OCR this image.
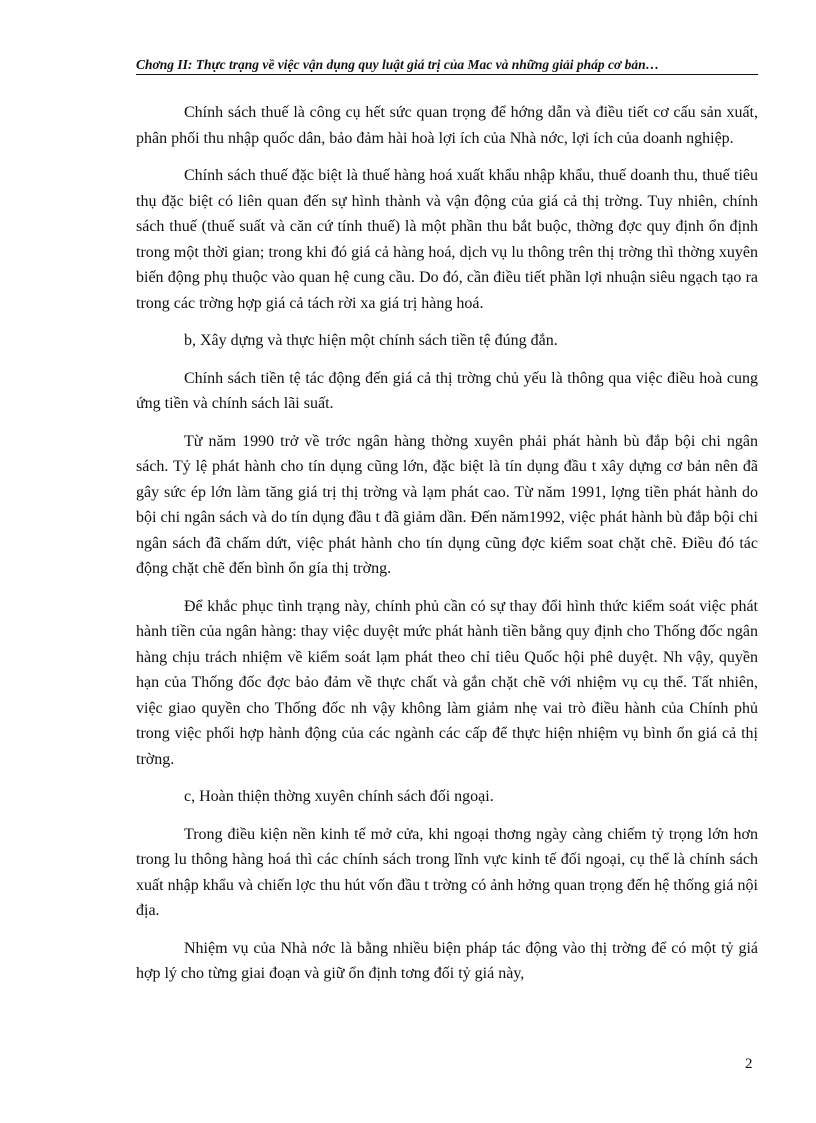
Chơng II: Thực trạng về việc vận dụng quy luật giá trị của Mac và những giải pháp cơ bản…

Chính sách thuế là công cụ hết sức quan trọng để hớng dẫn và điều tiết cơ cấu sản xuất, phân phối thu nhập quốc dân, bảo đảm hài hoà lợi ích của Nhà nớc, lợi ích của doanh nghiệp.

Chính sách thuế đặc biệt là thuế hàng hoá xuất khẩu nhập khẩu, thuế doanh thu, thuế tiêu thụ đặc biệt có liên quan đến sự hình thành và vận động của giá cả thị trờng. Tuy nhiên, chính sách thuế (thuế suất và căn cứ tính thuế) là một phần thu bắt buộc, thờng đợc quy định ổn định trong một thời gian; trong khi đó giá cả hàng hoá, dịch vụ lu thông trên thị trờng thì thờng xuyên biến động phụ thuộc vào quan hệ cung cầu. Do đó, cần điều tiết phần lợi nhuận siêu ngạch tạo ra trong các trờng hợp giá cả tách rời xa giá trị hàng hoá.

b, Xây dựng và thực hiện một chính sách tiền tệ đúng đắn.

Chính sách tiền tệ tác động đến giá cả thị trờng chủ yếu là thông qua việc điều hoà cung ứng tiền và chính sách lãi suất.

Từ năm 1990 trở về trớc ngân hàng thờng xuyên phải phát hành bù đắp bội chi ngân sách. Tỷ lệ phát hành cho tín dụng cũng lớn, đặc biệt là tín dụng đầu t xây dựng cơ bản nên đã gây sức ép lớn làm tăng giá trị thị trờng và lạm phát cao. Từ năm 1991, lợng tiền phát hành do bội chi ngân sách và do tín dụng đầu t đã giảm dần. Đến năm1992, việc phát hành bù đắp bội chi ngân sách đã chấm dứt, việc phát hành cho tín dụng cũng đợc kiểm soat chặt chẽ. Điều đó tác động chặt chẽ đến bình ổn gía thị trờng.

Để khắc phục tình trạng này, chính phủ cần có sự thay đổi hình thức kiểm soát việc phát hành tiền của ngân hàng: thay việc duyệt mức phát hành tiền bằng quy định cho Thống đốc ngân hàng chịu trách nhiệm về kiểm soát lạm phát theo chỉ tiêu Quốc hội phê duyệt. Nh vậy, quyền hạn của Thống đốc đợc bảo đảm về thực chất và gắn chặt chẽ với nhiệm vụ cụ thể. Tất nhiên, việc giao quyền cho Thống đốc nh vậy không làm giảm nhẹ vai trò điều hành của Chính phủ trong việc phối hợp hành động của các ngành các cấp để thực hiện nhiệm vụ bình ổn giá cả thị trờng.

c, Hoàn thiện thờng xuyên chính sách đối ngoại.

Trong điều kiện nền kinh tế mở cửa, khi ngoại thơng ngày càng chiếm tỷ trọng lớn hơn trong lu thông hàng hoá thì các chính sách trong lĩnh vực kinh tế đối ngoại, cụ thể là chính sách xuất nhập khẩu và chiến lợc thu hút vốn đầu t trờng có ảnh hởng quan trọng đến hệ thống giá nội địa.

Nhiệm vụ của Nhà nớc là bằng nhiều biện pháp tác động vào thị trờng để có một tỷ giá hợp lý cho từng giai đoạn và giữ ổn định tơng đối tỷ giá này,

2
